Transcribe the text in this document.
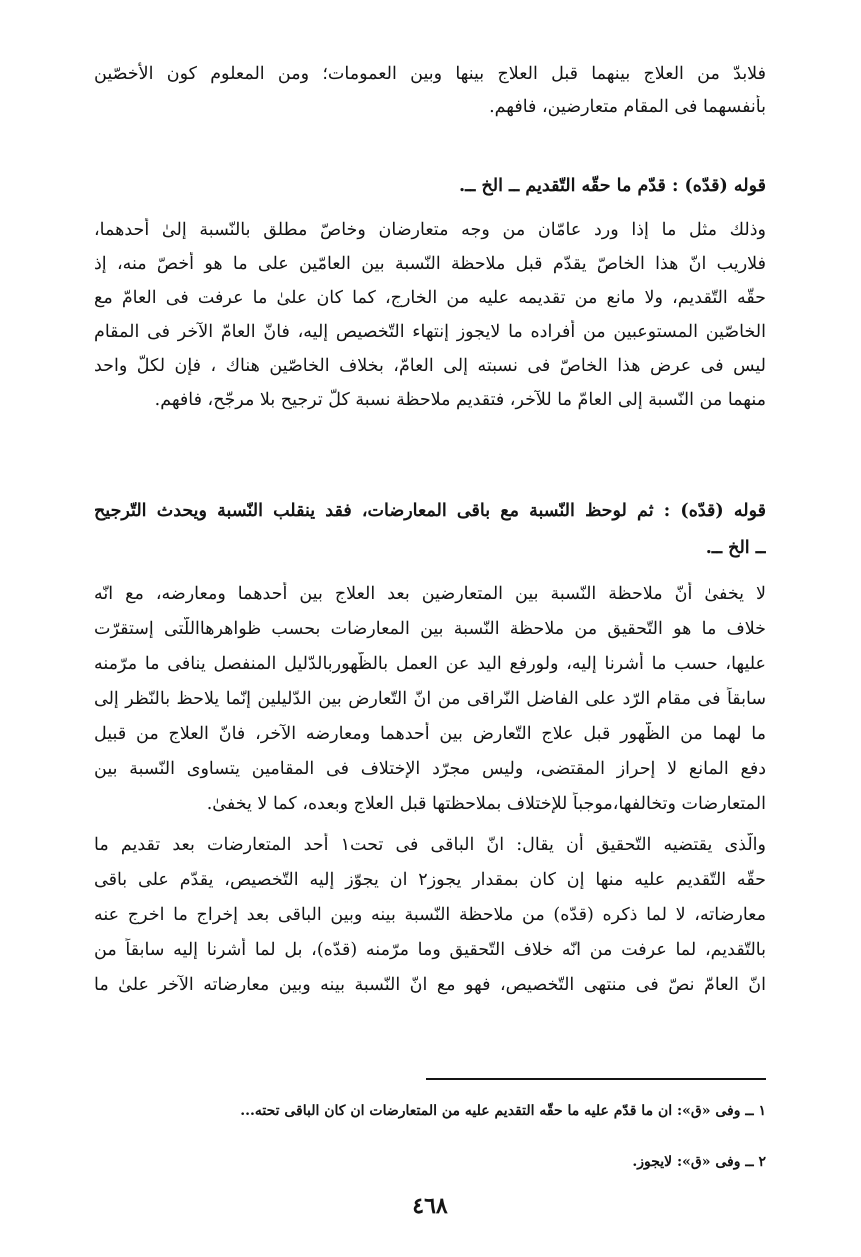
فلابدّ من العلاج بينهما قبل العلاج بينها وبين العمومات؛ ومن المعلوم كون الأخصّين
بأنفسهما فى المقام متعارضين، فافهم.
قوله (قدّه) : قدّم ما حقّه التّقديم ــ الخ ــ.
وذلك مثل ما إذا ورد عامّان من وجه متعارضان وخاصّ مطلق بالنّسبة إلىٰ أحدهما،
فلاريب انّ هذا الخاصّ يقدّم قبل ملاحظة النّسبة بين العامّين على ما هو أخصّ منه، إذ
حقّه التّقديم، ولا مانع من تقديمه عليه من الخارج، كما كان علىٰ ما عرفت فى العامّ مع
الخاصّين المستوعبين من أفراده ما لايجوز إنتهاء التّخصيص إليه، فانّ العامّ الآخر فى المقام
ليس فى عرض هذا الخاصّ فى نسبته إلى العامّ، بخلاف الخاصّين هناك ، فإن لكلّ واحد
منهما من النّسبة إلى العامّ ما للآخر، فتقديم ملاحظة نسبة كلّ ترجيح بلا مرجّح، فافهم.
قوله (قدّه) : ثم لوحظ النّسبة مع باقى المعارضات، فقد ينقلب النّسبة ويحدث التّرجيح
ــ الخ ــ.
لا يخفىٰ أنّ ملاحظة النّسبة بين المتعارضين بعد العلاج بين أحدهما ومعارضه، مع انّه
خلاف ما هو التّحقيق من ملاحظة النّسبة بين المعارضات بحسب ظواهرهااللّتى إستقرّت
عليها، حسب ما أشرنا إليه، ولورفع اليد عن العمل بالظّهوربالدّليل المنفصل ينافى ما مرّمنه
سابقاً فى مقام الرّد على الفاضل النّراقى من انّ التّعارض بين الدّليلين إنّما يلاحظ بالنّظر إلى
ما لهما من الظّهور قبل علاج التّعارض بين أحدهما ومعارضه الآخر، فانّ العلاج من قبيل
دفع المانع لا إحراز المقتضى، وليس مجرّد الإختلاف فى المقامين يتساوى النّسبة بين
المتعارضات وتخالفها،موجباً للإختلاف بملاحظتها قبل العلاج وبعده، كما لا يخفىٰ.
والّذى يقتضيه التّحقيق أن يقال: انّ الباقى فى تحت١ أحد المتعارضات بعد تقديم ما
حقّه التّقديم عليه منها إن كان بمقدار يجوز٢ ان يجوّز إليه التّخصيص، يقدّم على باقى
معارضاته، لا لما ذكره (قدّه) من ملاحظة النّسبة بينه وبين الباقى بعد إخراج ما اخرج عنه
بالتّقديم، لما عرفت من انّه خلاف التّحقيق وما مرّمنه (قدّه)، بل لما أشرنا إليه سابقاً من
انّ العامّ نصّ فى منتهى التّخصيص، فهو مع انّ النّسبة بينه وبين معارضاته الآخر علىٰ ما
١ ــ وفى «ق»: ان ما قدّم عليه ما حقّه التقديم عليه من المتعارضات ان كان الباقى تحته...
٢ ــ وفى «ق»: لايجوز.
٤٦٨
